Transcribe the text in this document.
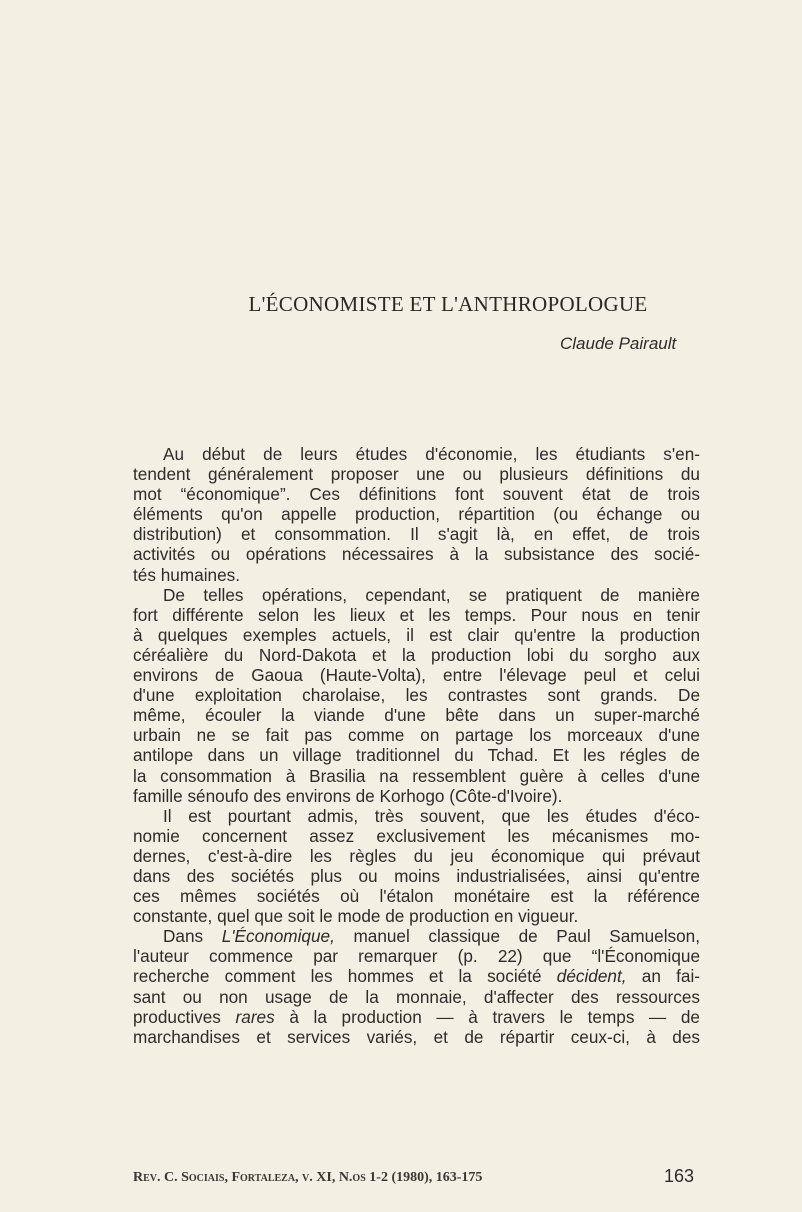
L'ÉCONOMISTE ET L'ANTHROPOLOGUE
Claude Pairault
Au début de leurs études d'économie, les étudiants s'en-
tendent généralement proposer une ou plusieurs définitions du
mot “économique”. Ces définitions font souvent état de trois
éléments qu'on appelle production, répartition (ou échange ou
distribution) et consommation. Il s'agit là, en effet, de trois
activités ou opérations nécessaires à la subsistance des socié-
tés humaines.
De telles opérations, cependant, se pratiquent de manière
fort différente selon les lieux et les temps. Pour nous en tenir
à quelques exemples actuels, il est clair qu'entre la production
céréalière du Nord-Dakota et la production lobi du sorgho aux
environs de Gaoua (Haute-Volta), entre l'élevage peul et celui
d'une exploitation charolaise, les contrastes sont grands. De
même, écouler la viande d'une bête dans un super-marché
urbain ne se fait pas comme on partage los morceaux d'une
antilope dans un village traditionnel du Tchad. Et les régles de
la consommation à Brasilia na ressemblent guère à celles d'une
famille sénoufo des environs de Korhogo (Côte-d'Ivoire).
Il est pourtant admis, très souvent, que les études d'éco-
nomie concernent assez exclusivement les mécanismes mo-
dernes, c'est-à-dire les règles du jeu économique qui prévaut
dans des sociétés plus ou moins industrialisées, ainsi qu'entre
ces mêmes sociétés où l'étalon monétaire est la référence
constante, quel que soit le mode de production en vigueur.
Dans L'Économique, manuel classique de Paul Samuelson,
l'auteur commence par remarquer (p. 22) que “l'Économique
recherche comment les hommes et la société décident, an fai-
sant ou non usage de la monnaie, d'affecter des ressources
productives rares à la production — à travers le temps — de
marchandises et services variés, et de répartir ceux-ci, à des
Rev. C. Sociais, Fortaleza, v. XI, N.os 1-2 (1980), 163-175	163
